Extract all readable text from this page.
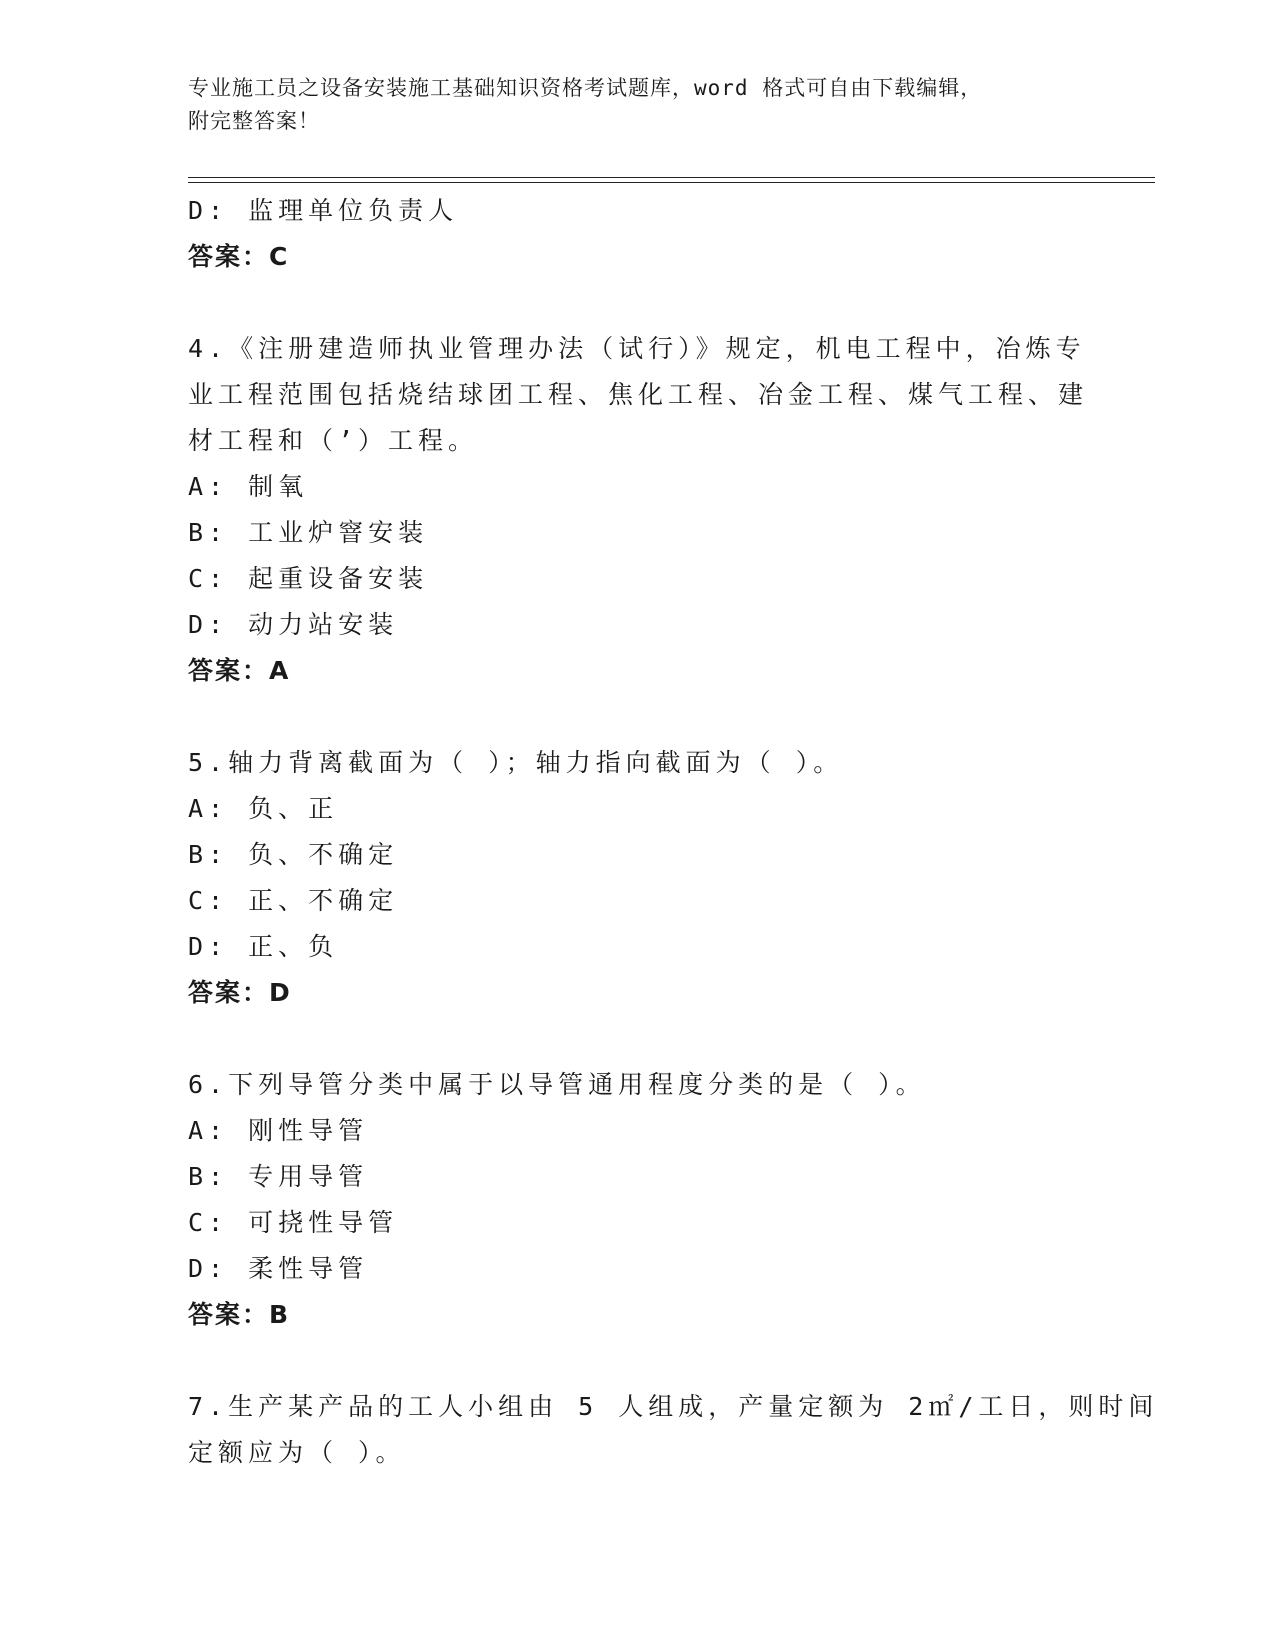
专业施工员之设备安装施工基础知识资格考试题库，word 格式可自由下载编辑，
附完整答案！
D: 监理单位负责人
答案：C
4.《注册建造师执业管理办法（试行）》规定，机电工程中，冶炼专
业工程范围包括烧结球团工程、焦化工程、冶金工程、煤气工程、建
材工程和（’）工程。
A: 制氧
B: 工业炉窨安装
C: 起重设备安装
D: 动力站安装
答案：A
5.轴力背离截面为（ ）；轴力指向截面为（ ）。
A: 负、正
B: 负、不确定
C: 正、不确定
D: 正、负
答案：D
6.下列导管分类中属于以导管通用程度分类的是（ ）。
A: 刚性导管
B: 专用导管
C: 可挠性导管
D: 柔性导管
答案：B
7.生产某产品的工人小组由 5 人组成，产量定额为 2㎡/工日，则时间
定额应为（ ）。
